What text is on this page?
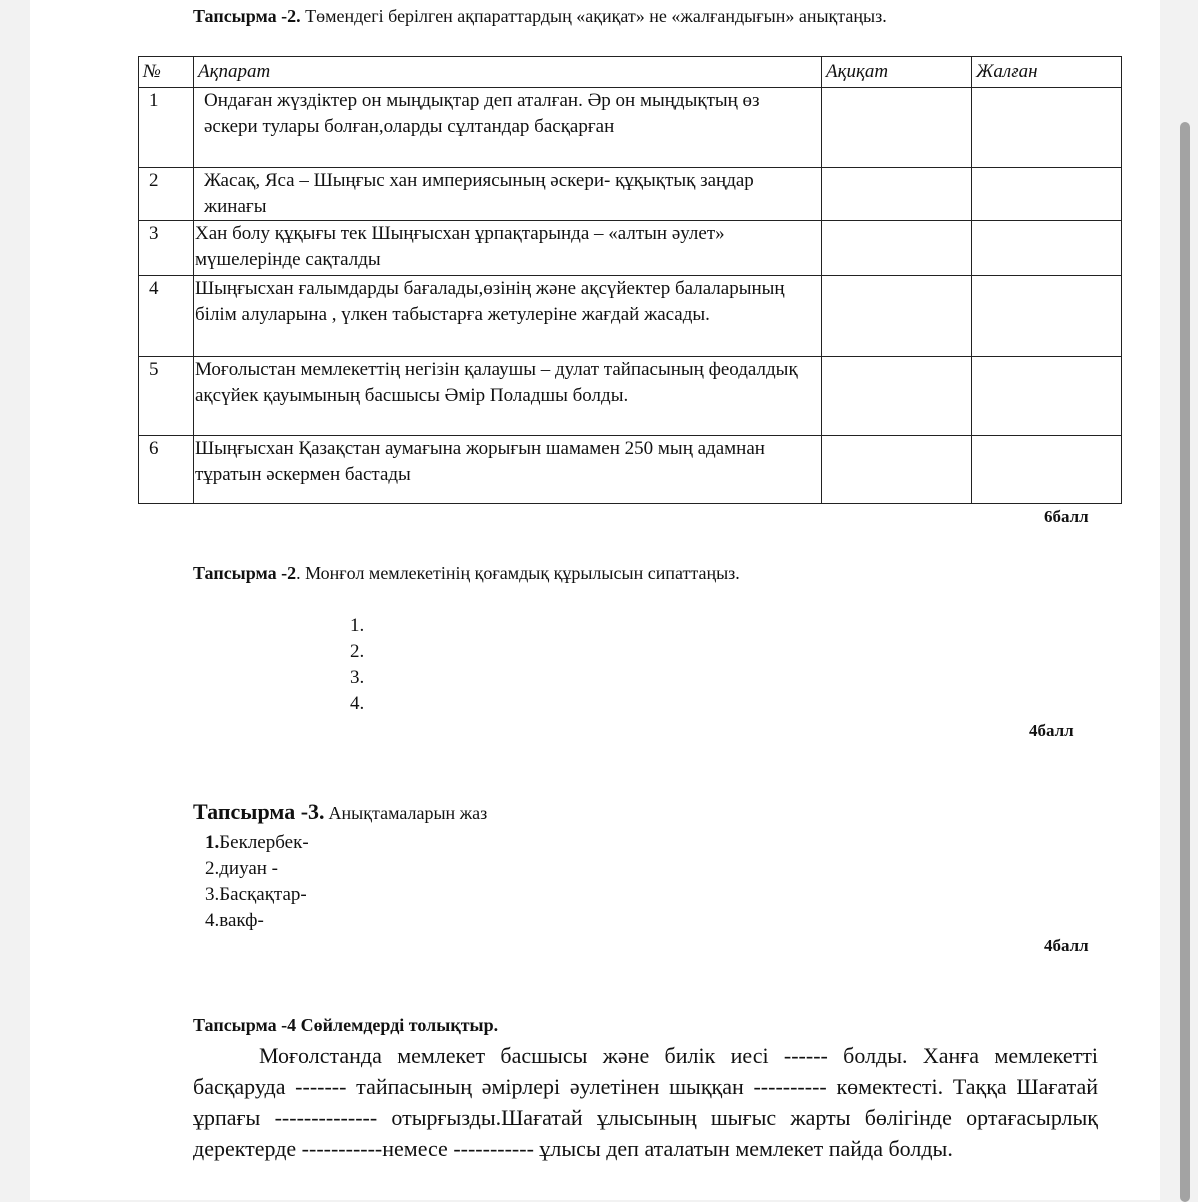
Тапсырма -2. Төмендегі берілген ақпараттардың «ақиқат» не «жалғандығын» анықтаңыз.
№	Ақпарат	Ақиқат	Жалған
1	Ондаған жүздіктер он мыңдықтар деп аталған. Әр он мыңдықтың өз әскери тулары болған,оларды сұлтандар басқарған		
2	Жасақ, Яса – Шыңғыс хан империясының әскери- құқықтық заңдар жинағы		
3	Хан болу құқығы тек Шыңғысхан ұрпақтарында – «алтын әулет» мүшелерінде сақталды		
4	Шыңғысхан ғалымдарды бағалады,өзінің және ақсүйектер балаларының білім алуларына , үлкен табыстарға жетулеріне жағдай жасады.		
5	Моғолыстан мемлекеттің негізін қалаушы – дулат тайпасының феодалдық ақсүйек қауымының басшысы Әмір Поладшы болды.		
6	Шыңғысхан Қазақстан аумағына жорығын шамамен 250 мың адамнан тұратын әскермен бастады		
6балл
Тапсырма -2. Монғол мемлекетінің қоғамдық құрылысын сипаттаңыз.
1.
2.
3.
4.
4балл
Тапсырма -3. Анықтамаларын жаз
1.Беклербек-
2.диуан -
3.Басқақтар-
4.вакф-
4балл
Тапсырма -4 Сөйлемдерді толықтыр.
Моғолстанда мемлекет басшысы және билік иесі ------ болды. Ханға мемлекетті басқаруда ------- тайпасының әмірлері әулетінен шыққан ---------- көмектесті. Таққа Шағатай ұрпағы -------------- отырғызды.Шағатай ұлысының шығыс жарты бөлігінде ортағасырлық деректерде -----------немесе ----------- ұлысы деп аталатын мемлекет пайда болды.
